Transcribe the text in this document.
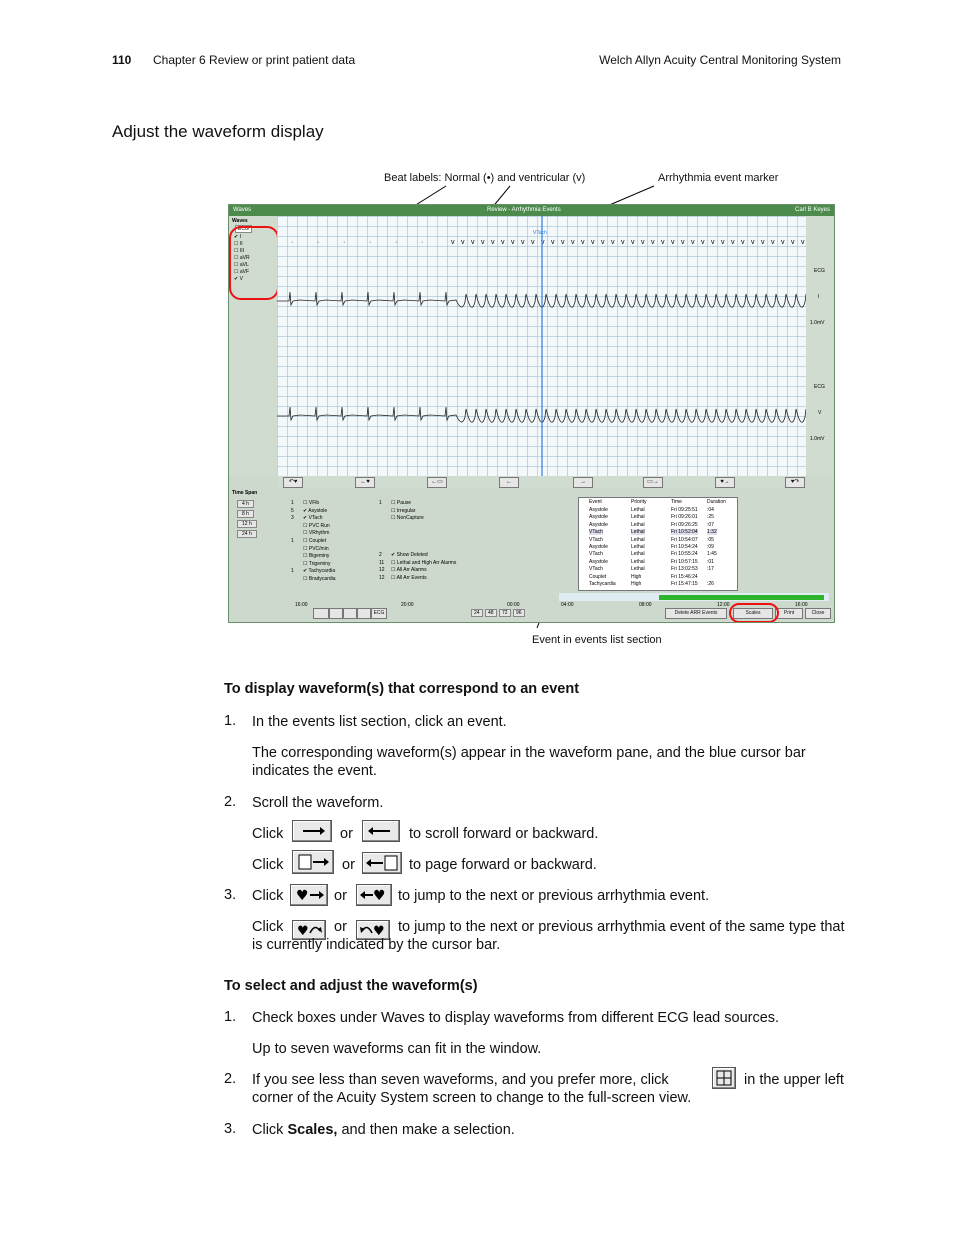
110 Chapter 6 Review or print patient data	Welch Allyn Acuity Central Monitoring System
Adjust the waveform display
Beat labels: Normal (•) and ventricular (v)	Arrhythmia event marker
Event in events list section
Waves	Review - Arrhythmia Events	Carl B Keyes
Waves
ECG
✔ I
☐ II
☐ III
☐ aVR
☐ aVL
☐ aVF
✔ V
·	·	·	·	·	·	v v v v v v v v v v v v v v v v v v v v v v v v v v v v v v v v v v v v
VTach
ECG
I
1.0mV
ECG
V
1.0mV
↶♥	←♥	←▭	←	→	▭→	♥→	♥↷
Time Span
4 h
8 h
12 h
24 h
1 ☐ VFib
5 ✔ Asystole
3 ✔ VTach
☐ PVC Run
☐ VRhythm
1 ☐ Couplet
☐ PVC/min
☐ Bigeminy
☐ Trigeminy
1 ✔ Tachycardia
☐ Bradycardia
1 ☐ Pause
☐ Irregular
☐ NonCapture
2 ✔ Show Deleted
11 ☐ Lethal and High Arr Alarms
12 ☐ All Arr Alarms
12 ☐ All Arr Events
Event	Priority	Time	Duration
Asystole	Lethal	Fri 09:25:51 :04
Asystole	Lethal	Fri 09:26:01 :25
Asystole	Lethal	Fri 09:26:25 :07
VTach	Lethal	Fri 10:52:04 1:32
VTach	Lethal	Fri 10:54:07 :05
Asystole	Lethal	Fri 10:54:24 :09
VTach	Lethal	Fri 10:55:24 1:45
Asystole	Lethal	Fri 10:57:15 :01
VTach	Lethal	Fri 13:02:53 :17
Couplet	High	Fri 15:46:24
Tachycardia	High	Fri 15:47:15 :26
16:00	20:00	00:00	04:00	08:00	12:00	16:00
ECG	24	48	72	96	Delete ARR Events	Scales	Print	Close
To display waveform(s) that correspond to an event
1. In the events list section, click an event.
The corresponding waveform(s) appear in the waveform pane, and the blue cursor bar indicates the event.
2. Scroll the waveform.
Click	or	to scroll forward or backward.
Click	or	to page forward or backward.
3. Click ♥ or ♥ to jump to the next or previous arrhythmia event.
Click ♥ or ♥ to jump to the next or previous arrhythmia event of the same type that is currently indicated by the cursor bar.
To select and adjust the waveform(s)
1. Check boxes under Waves to display waveforms from different ECG lead sources.
Up to seven waveforms can fit in the window.
2. If you see less than seven waveforms, and you prefer more, click	in the upper left corner of the Acuity System screen to change to the full-screen view.
3. Click Scales, and then make a selection.
